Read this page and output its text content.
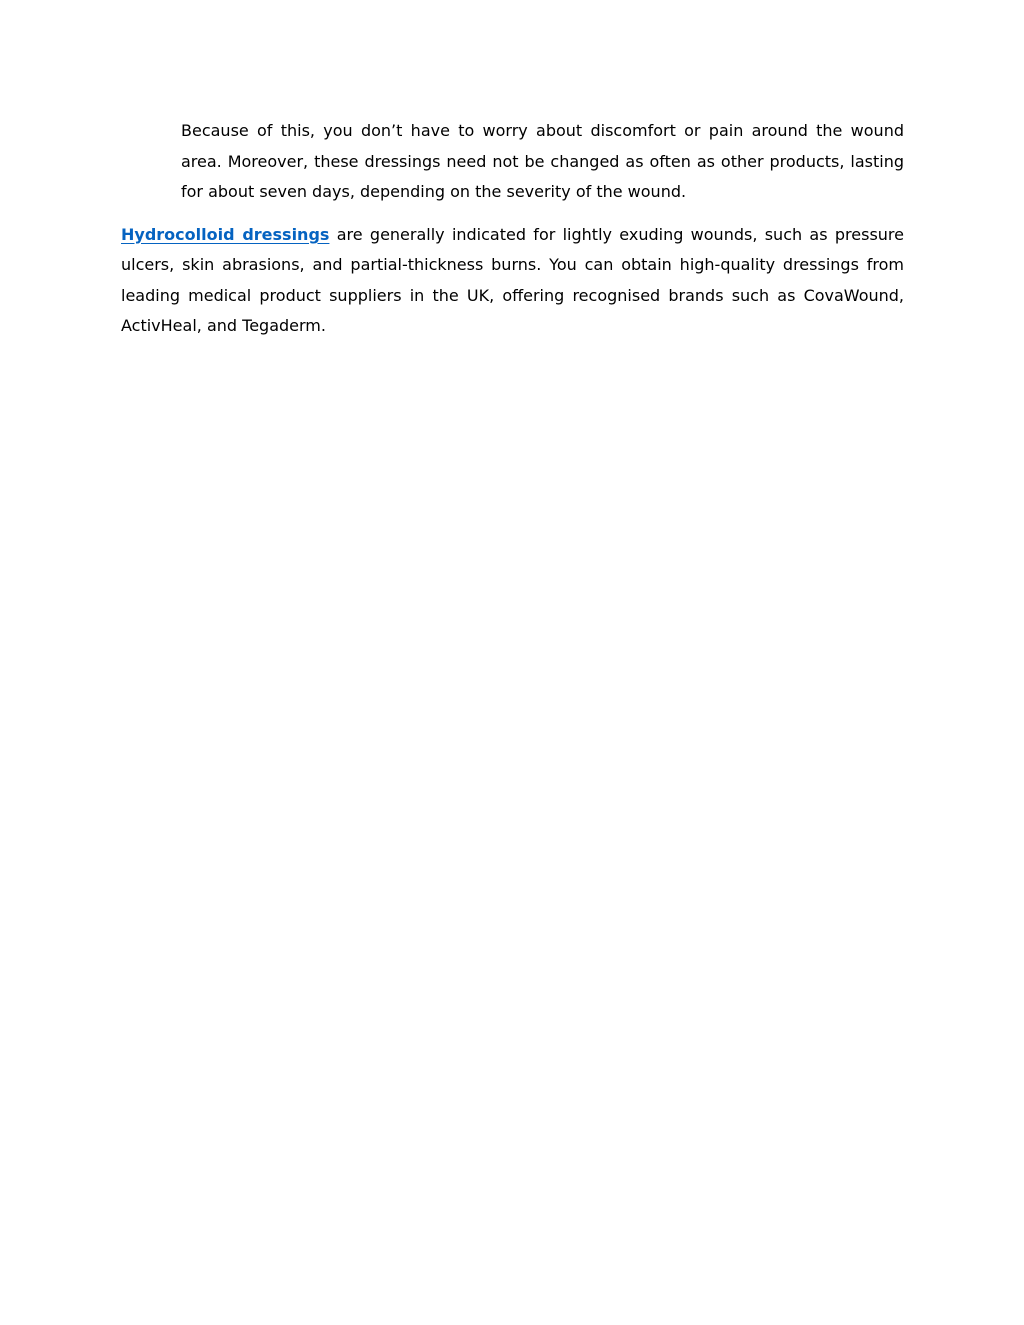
Because of this, you don’t have to worry about discomfort or pain around the wound area. Moreover, these dressings need not be changed as often as other products, lasting for about seven days, depending on the severity of the wound.

Hydrocolloid dressings are generally indicated for lightly exuding wounds, such as pressure ulcers, skin abrasions, and partial-thickness burns. You can obtain high-quality dressings from leading medical product suppliers in the UK, offering recognised brands such as CovaWound, ActivHeal, and Tegaderm.
